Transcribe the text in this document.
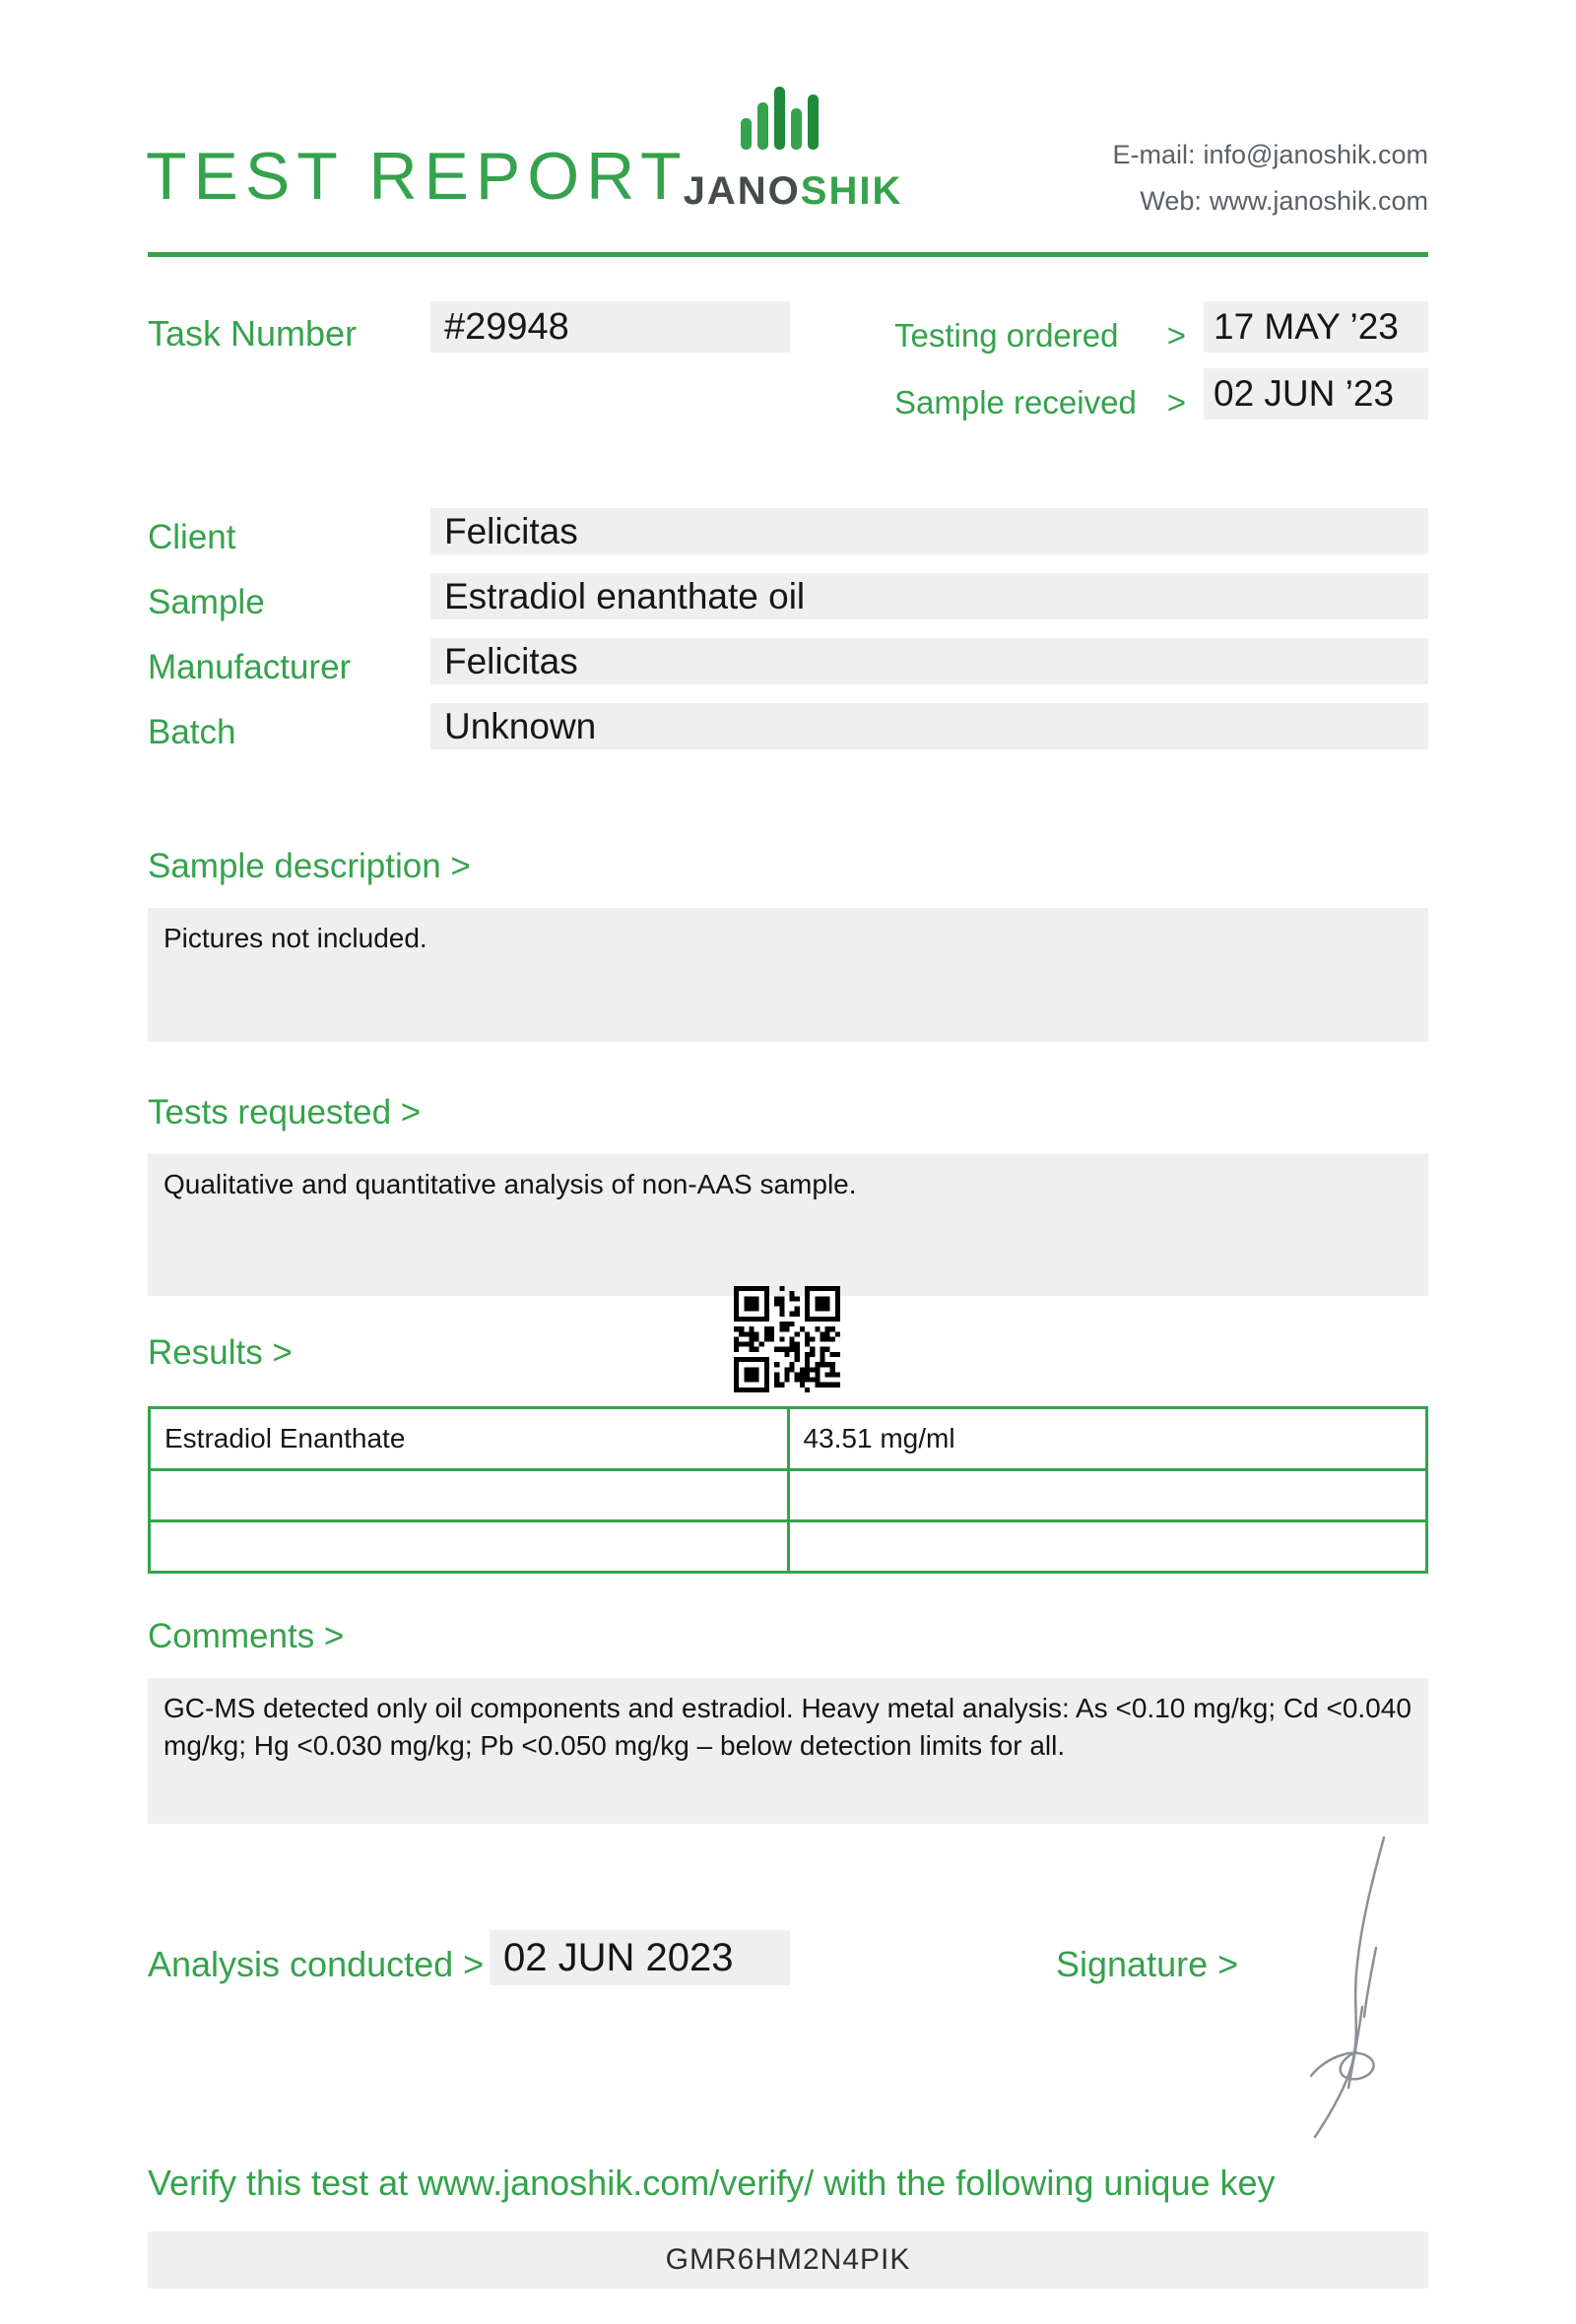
TEST REPORT
JANOSHIK
E-mail: info@janoshik.com
Web: www.janoshik.com
Task Number #29948	Testing ordered > 17 MAY ’23
Sample received > 02 JUN ’23
Client	Felicitas
Sample	Estradiol enanthate oil
Manufacturer	Felicitas
Batch	Unknown
Sample description >
Pictures not included.
Tests requested >
Qualitative and quantitative analysis of non-AAS sample.
Results >
Estradiol Enanthate	43.51 mg/ml
Comments >
GC-MS detected only oil components and estradiol. Heavy metal analysis: As <0.10 mg/kg; Cd <0.040 mg/kg; Hg <0.030 mg/kg; Pb <0.050 mg/kg – below detection limits for all.
Analysis conducted > 02 JUN 2023	Signature >
Verify this test at www.janoshik.com/verify/ with the following unique key
GMR6HM2N4PIK
